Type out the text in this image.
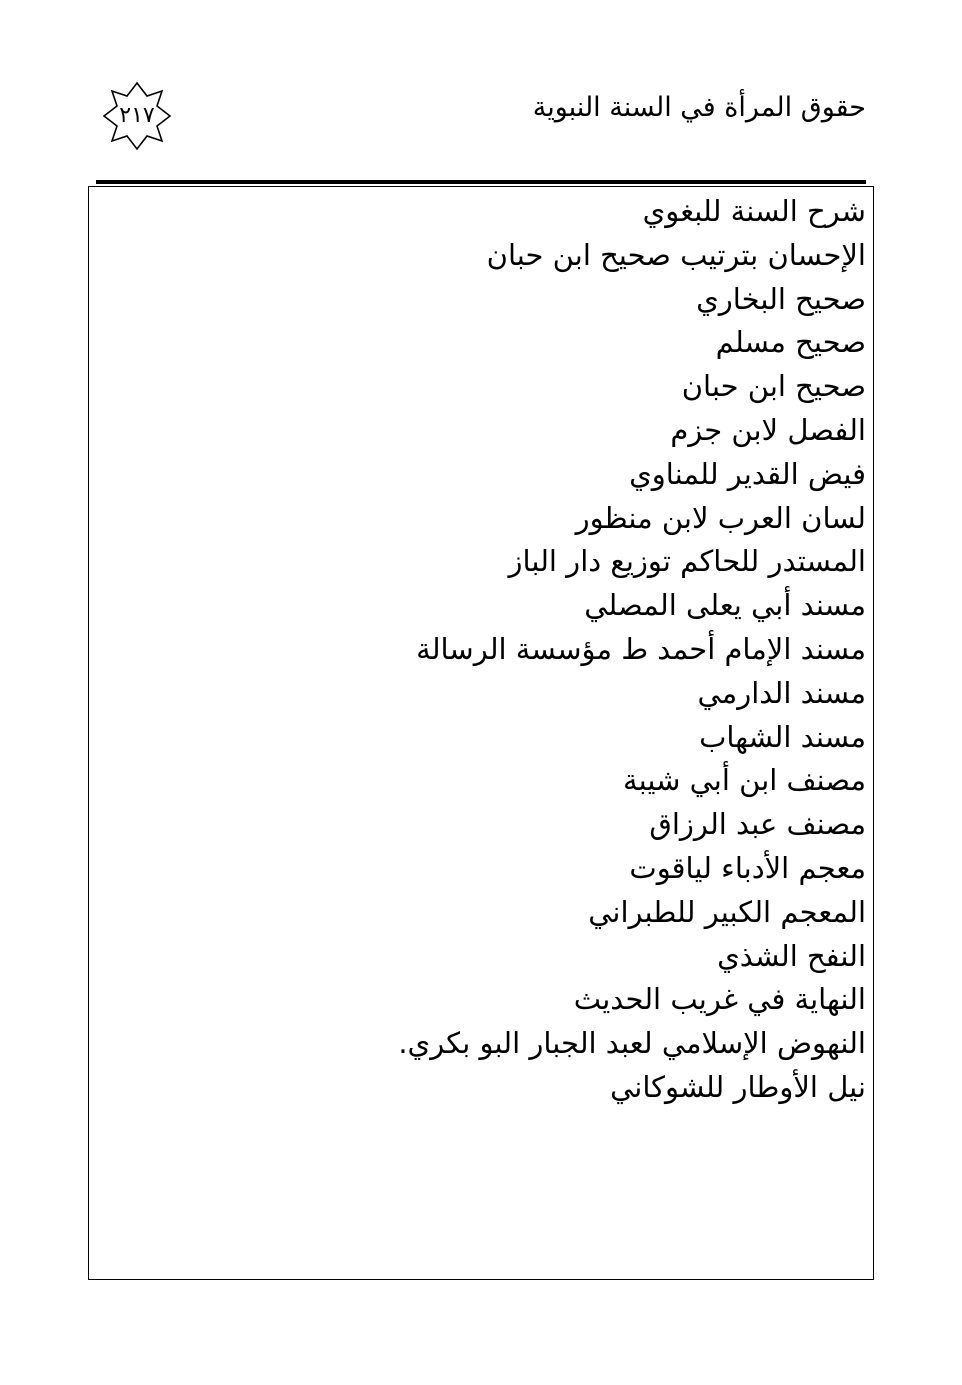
حقوق المرأة في السنة النبوية
٢١٧
شرح السنة للبغوي
الإحسان بترتيب صحيح ابن حبان
صحيح البخاري
صحيح مسلم
صحيح ابن حبان
الفصل لابن جزم
فيض القدير للمناوي
لسان العرب لابن منظور
المستدر للحاكم توزيع دار الباز
مسند أبي يعلى المصلي
مسند الإمام أحمد ط مؤسسة الرسالة
مسند الدارمي
مسند الشهاب
مصنف ابن أبي شيبة
مصنف عبد الرزاق
معجم الأدباء لياقوت
المعجم الكبير للطبراني
النفح الشذي
النهاية في غريب الحديث
النهوض الإسلامي لعبد الجبار البو بكري.
نيل الأوطار للشوكاني
